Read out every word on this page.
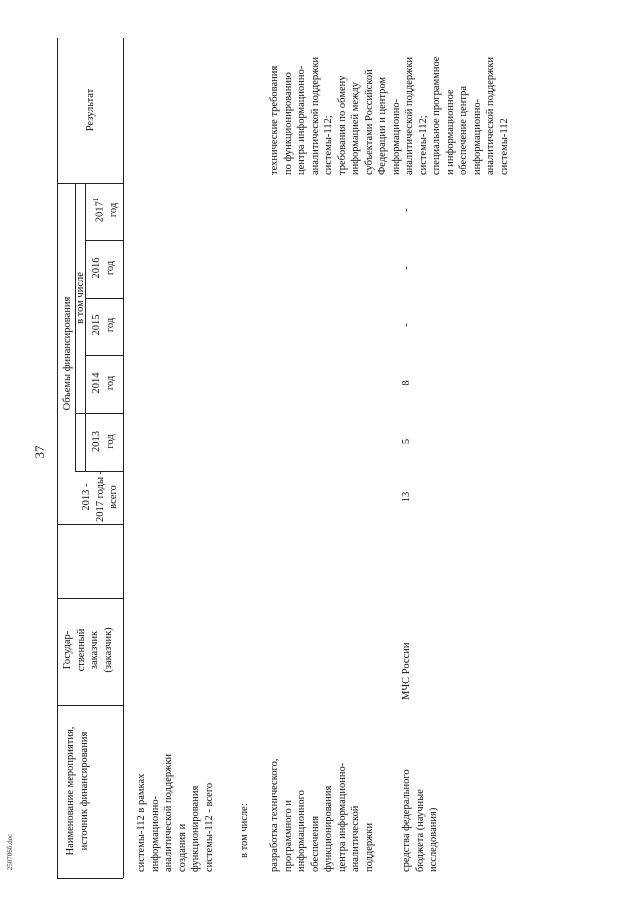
37
250706б.doc	Наименование мероприятия, источник финансирования
Государ- ственный заказчик (заказчик)
Объемы финансирования
2013 - 2017 годы - всего
в том числе
2013 год
2014 год
2015 год
2016 год
2017$^1$
год
Результат
системы-112 в рамках информационно- аналитической поддержки создания и функционирования системы-112 - всего в том числе: разработка технического, программного и информационного обеспечения функционирования центра информационно- аналитической поддержки
технические требования по функционированию центра информационно- аналитической поддержки системы-112; требования по обмену информацией между субъектами Российской Федерации и центром информационно- аналитической поддержки системы-112; специальное программное и информационное обеспечение центра информационно- аналитической поддержки системы-112
средства федерального бюджета (научные исследования)
МЧС России
13
5
8
-
-
-
